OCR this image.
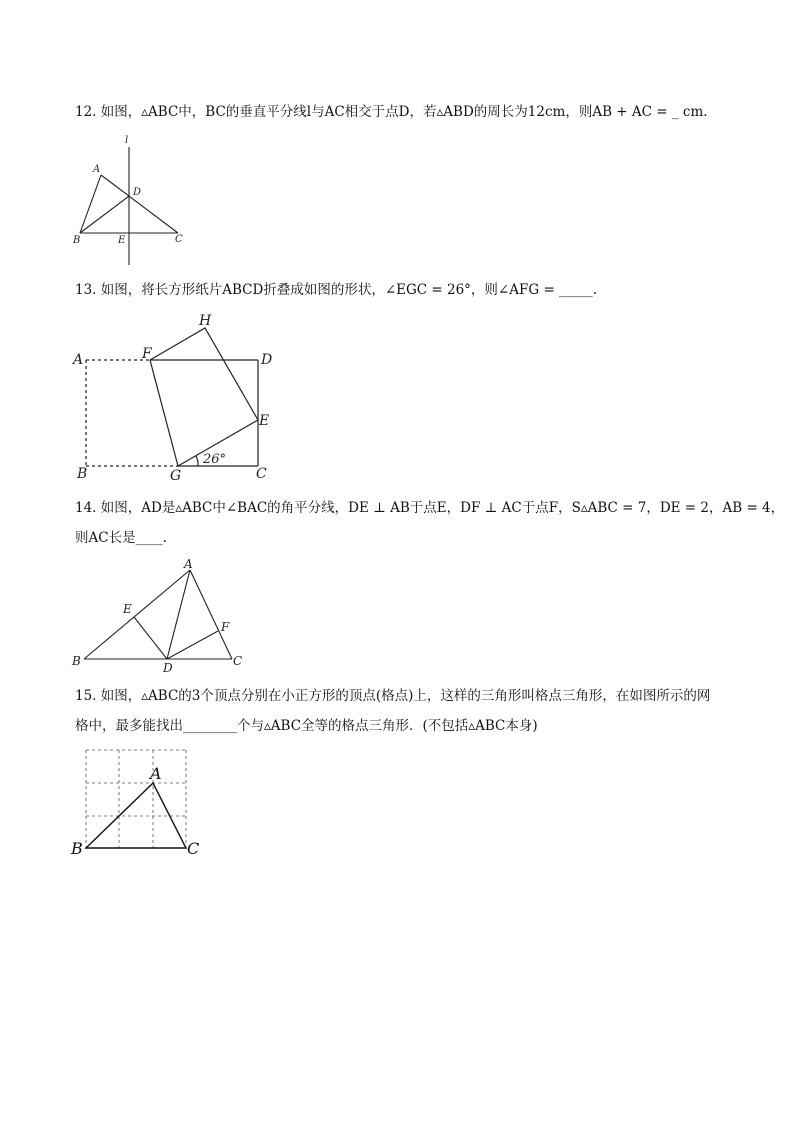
12. 如图，▵ABC中，BC的垂直平分线l与AC相交于点D，若▵ABD的周长为12cm，则AB + AC = _ cm.
l
A
D
B	E	C
13. 如图，将长方形纸片ABCD折叠成如图的形状，∠EGC = 26°，则∠AFG = _____.
H
A	F	D
E
B	G	C
26°
14. 如图，AD是▵ABC中∠BAC的角平分线，DE ⊥ AB于点E，DF ⊥ AC于点F，S▵ABC = 7，DE = 2，AB = 4，
则AC长是____.
A
E
F
B	D	C
15. 如图，▵ABC的3个顶点分别在小正方形的顶点(格点)上，这样的三角形叫格点三角形，在如图所示的网
格中，最多能找出________个与▵ABC全等的格点三角形．(不包括▵ABC本身)
A
B	C
